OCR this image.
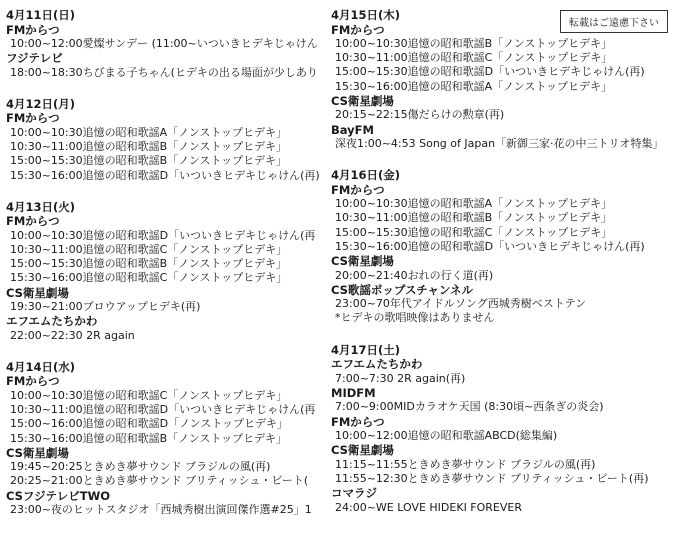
転載はご遠慮下さい
4月11日(日)
FMからつ
10:00~12:00愛燦サンデー (11:00~いついきヒデキじゃけん
フジテレビ
18:00~18:30ちびまる子ちゃん(ヒデキの出る場面が少しあり
4月12日(月)
FMからつ
10:00~10:30追憶の昭和歌謡A「ノンストップヒデキ」
10:30~11:00追憶の昭和歌謡B「ノンストップヒデキ」
15:00~15:30追憶の昭和歌謡B「ノンストップヒデキ」
15:30~16:00追憶の昭和歌謡D「いついきヒデキじゃけん(再)
4月13日(火)
FMからつ
10:00~10:30追憶の昭和歌謡D「いついきヒデキじゃけん(再
10:30~11:00追憶の昭和歌謡C「ノンストップヒデキ」
15:00~15:30追憶の昭和歌謡B「ノンストップヒデキ」
15:30~16:00追憶の昭和歌謡C「ノンストップヒデキ」
CS衛星劇場
19:30~21:00ブロウアップヒデキ(再)
エフエムたちかわ
22:00~22:30 2R again
4月14日(水)
FMからつ
10:00~10:30追憶の昭和歌謡C「ノンストップヒデキ」
10:30~11:00追憶の昭和歌謡D「いついきヒデキじゃけん(再
15:00~16:00追憶の昭和歌謡D「ノンストップヒデキ」
15:30~16:00追憶の昭和歌謡B「ノンストップヒデキ」
CS衛星劇場
19:45~20:25ときめき夢サウンド ブラジルの風(再)
20:25~21:00ときめき夢サウンド ブリティッシュ・ビート(
CSフジテレビTWO
23:00~夜のヒットスタジオ「西城秀樹出演回傑作選#25」1
4月15日(木)
FMからつ
10:00~10:30追憶の昭和歌謡B「ノンストップヒデキ」
10:30~11:00追憶の昭和歌謡C「ノンストップヒデキ」
15:00~15:30追憶の昭和歌謡D「いついきヒデキじゃけん(再)
15:30~16:00追憶の昭和歌謡A「ノンストップヒデキ」
CS衛星劇場
20:15~22:15傷だらけの勲章(再)
BayFM
深夜1:00~4:53 Song of Japan「新御三家·花の中三トリオ特集」
4月16日(金)
FMからつ
10:00~10:30追憶の昭和歌謡A「ノンストップヒデキ」
10:30~11:00追憶の昭和歌謡B「ノンストップヒデキ」
15:00~15:30追憶の昭和歌謡C「ノンストップヒデキ」
15:30~16:00追憶の昭和歌謡D「いついきヒデキじゃけん(再)
CS衛星劇場
20:00~21:40おれの行く道(再)
CS歌謡ポップスチャンネル
23:00~70年代アイドルソング西城秀樹ベストテン
*ヒデキの歌唱映像はありません
4月17日(土)
エフエムたちかわ
7:00~7:30 2R again(再)
MIDFM
7:00~9:00MIDカラオケ天国 (8:30頃~西条ぎの炎会)
FMからつ
10:00~12:00追憶の昭和歌謡ABCD(総集編)
CS衛星劇場
11:15~11:55ときめき夢サウンド ブラジルの風(再)
11:55~12:30ときめき夢サウンド ブリティッシュ・ビート(再)
コマラジ
24:00~WE LOVE HIDEKI FOREVER
